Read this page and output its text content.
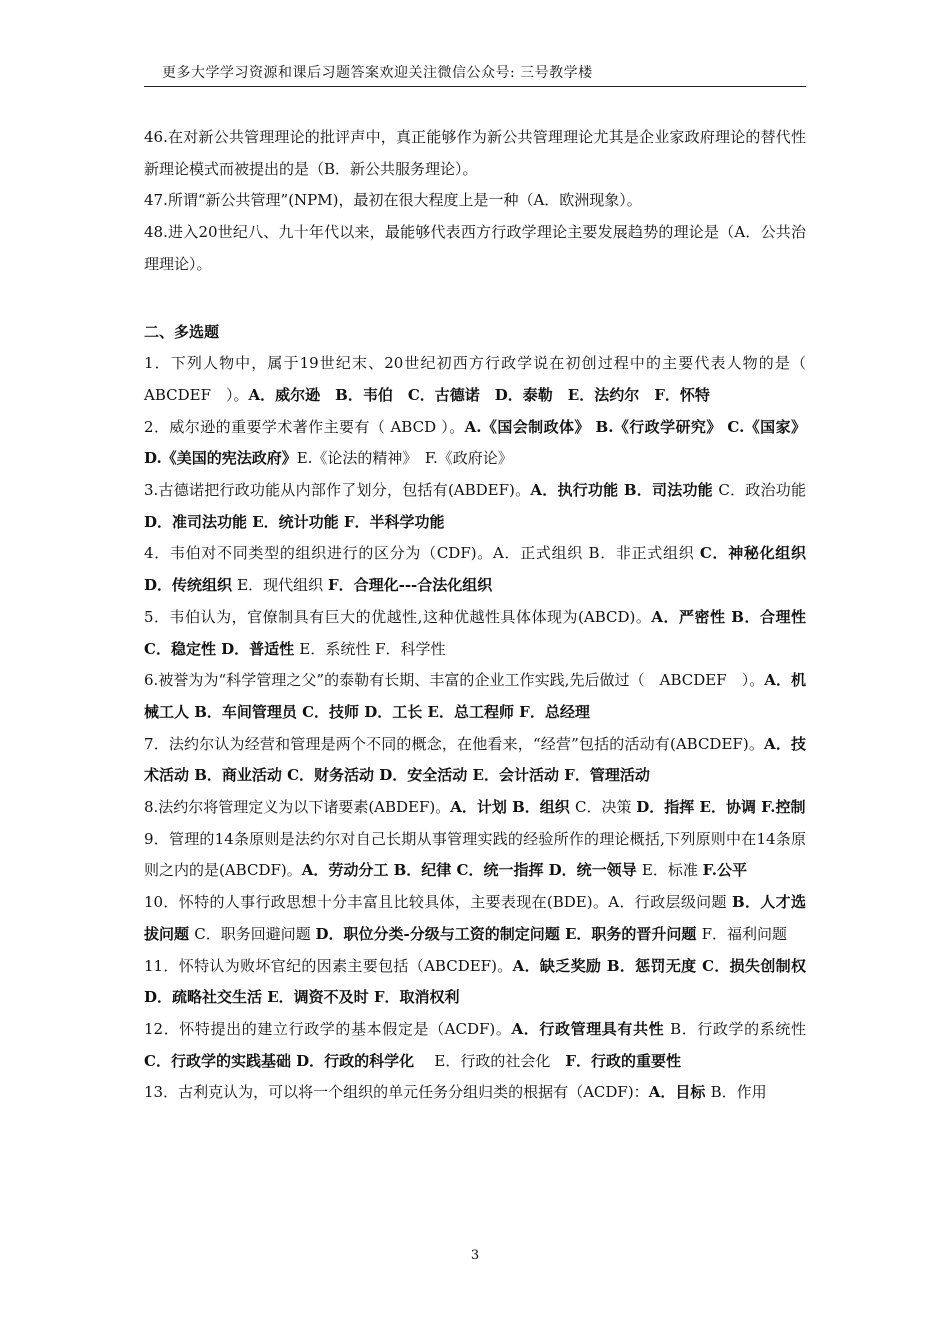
更多大学学习资源和课后习题答案欢迎关注微信公众号: 三号教学楼

46.在对新公共管理理论的批评声中，真正能够作为新公共管理理论尤其是企业家政府理论的替代性新理论模式而被提出的是（B．新公共服务理论）。

47.所谓“新公共管理”(NPM)，最初在很大程度上是一种（A．欧洲现象）。

48.进入20世纪八、九十年代以来，最能够代表西方行政学理论主要发展趋势的理论是（A．公共治理理论）。

二、多选题

1．下列人物中，属于19世纪末、20世纪初西方行政学说在初创过程中的主要代表人物的是（　ABCDEF　）。A．威尔逊　B．韦伯　C．古德诺　D．泰勒　E．法约尔　F．怀特

2．威尔逊的重要学术著作主要有（ ABCD ）。A.《国会制政体》 B.《行政学研究》 C.《国家》D.《美国的宪法政府》E.《论法的精神》　F.《政府论》

3.古德诺把行政功能从内部作了划分，包括有(ABDEF)。A．执行功能 B．司法功能 C．政治功能 D．准司法功能 E．统计功能 F．半科学功能

4．韦伯对不同类型的组织进行的区分为（CDF)。A．正式组织 B．非正式组织 C．神秘化组织 D．传统组织 E．现代组织 F．合理化---合法化组织

5．韦伯认为，官僚制具有巨大的优越性,这种优越性具体体现为(ABCD)。A．严密性 B．合理性 C．稳定性 D．普适性 E．系统性 F．科学性

6.被誉为为“科学管理之父”的泰勒有长期、丰富的企业工作实践,先后做过（　ABCDEF　）。A．机械工人 B．车间管理员 C．技师 D．工长 E．总工程师 F．总经理

7．法约尔认为经营和管理是两个不同的概念，在他看来，“经营”包括的活动有(ABCDEF)。A．技术活动 B．商业活动 C．财务活动 D．安全活动 E．会计活动 F．管理活动

8.法约尔将管理定义为以下诸要素(ABDEF)。A．计划 B．组织 C．决策 D．指挥 E．协调 F.控制

9．管理的14条原则是法约尔对自己长期从事管理实践的经验所作的理论概括,下列原则中在14条原则之内的是(ABCDF)。A．劳动分工 B．纪律 C．统一指挥 D．统一领导 E．标准 F.公平

10．怀特的人事行政思想十分丰富且比较具体，主要表现在(BDE)。A．行政层级问题 B．人才选拔问题 C．职务回避问题 D．职位分类-分级与工资的制定问题 E．职务的晋升问题 F．福利问题

11．怀特认为败坏官纪的因素主要包括（ABCDEF)。A．缺乏奖励 B．惩罚无度 C．损失创制权 D．疏略社交生活 E．调资不及时 F．取消权利

12．怀特提出的建立行政学的基本假定是（ACDF)。A．行政管理具有共性 B．行政学的系统性 C．行政学的实践基础 D．行政的科学化 　E．行政的社会化　F．行政的重要性

13．古利克认为，可以将一个组织的单元任务分组归类的根据有（ACDF)：A．目标 B．作用

3
